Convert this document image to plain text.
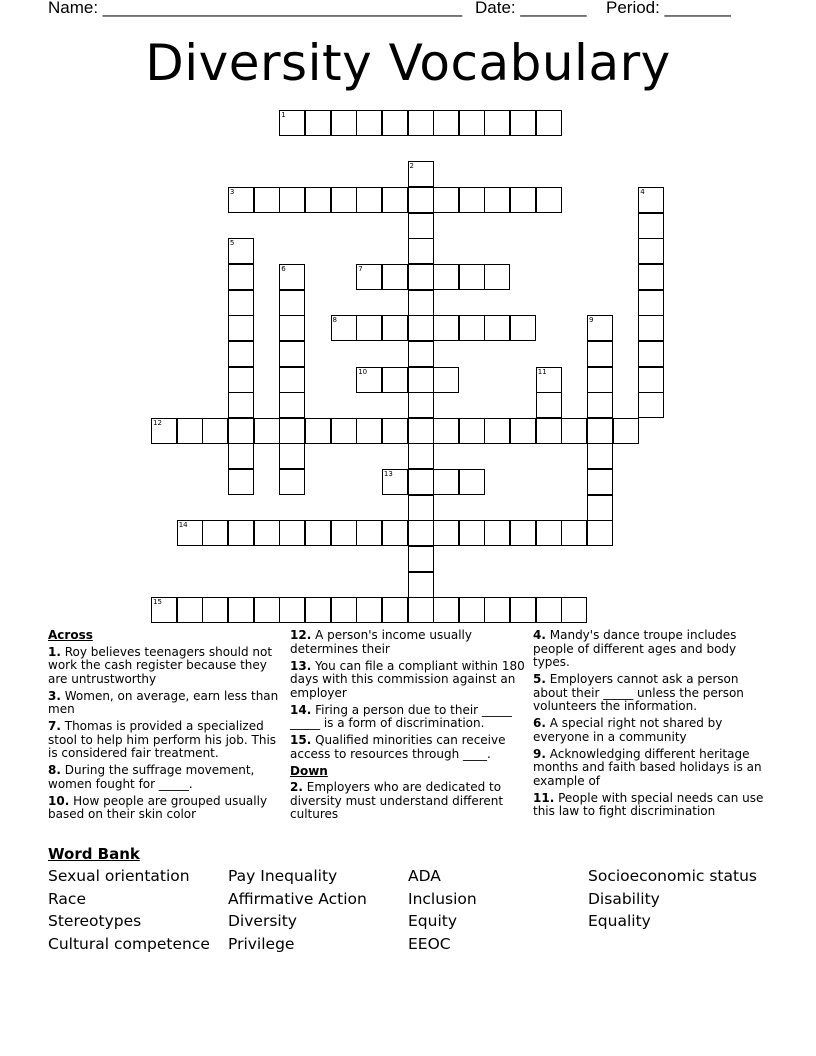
Name: ______________________________________ Date: _______ Period: _______
Diversity Vocabulary
1
2
3	4
5
6	7
8	9
10	11
12
13
14
15
Across
1. Roy believes teenagers should not work the cash register because they are untrustworthy
3. Women, on average, earn less than men
7. Thomas is provided a specialized stool to help him perform his job. This is considered fair treatment.
8. During the suffrage movement, women fought for _____.
10. How people are grouped usually based on their skin color
12. A person's income usually determines their
13. You can file a compliant within 180 days with this commission against an employer
14. Firing a person due to their _____ _____ is a form of discrimination.
15. Qualified minorities can receive access to resources through ____.
Down
2. Employers who are dedicated to diversity must understand different cultures
4. Mandy's dance troupe includes people of different ages and body types.
5. Employers cannot ask a person about their _____ unless the person volunteers the information.
6. A special right not shared by everyone in a community
9. Acknowledging different heritage months and faith based holidays is an example of
11. People with special needs can use this law to fight discrimination
Word Bank
Sexual orientation	Pay Inequality	ADA	Socioeconomic status
Race	Affirmative Action	Inclusion	Disability
Stereotypes	Diversity	Equity	Equality
Cultural competence	Privilege	EEOC
